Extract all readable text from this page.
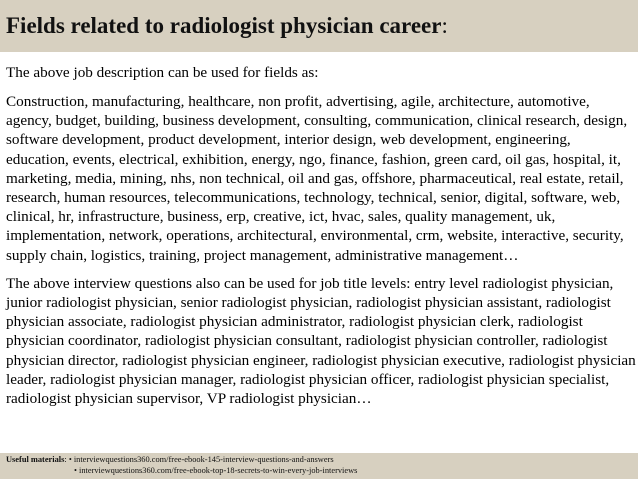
Fields related to radiologist physician career:

The above job description can be used for fields as:

Construction, manufacturing, healthcare, non profit, advertising, agile, architecture, automotive, agency, budget, building, business development, consulting, communication, clinical research, design, software development, product development, interior design, web development, engineering, education, events, electrical, exhibition, energy, ngo, finance, fashion, green card, oil gas, hospital, it, marketing, media, mining, nhs, non technical, oil and gas, offshore, pharmaceutical, real estate, retail, research, human resources, telecommunications, technology, technical, senior, digital, software, web, clinical, hr, infrastructure, business, erp, creative, ict, hvac, sales, quality management, uk, implementation, network, operations, architectural, environmental, crm, website, interactive, security, supply chain, logistics, training, project management, administrative management…

The above interview questions also can be used for job title levels: entry level radiologist physician, junior radiologist physician, senior radiologist physician, radiologist physician assistant, radiologist physician associate, radiologist physician administrator, radiologist physician clerk, radiologist physician coordinator, radiologist physician consultant, radiologist physician controller, radiologist physician director, radiologist physician engineer, radiologist physician executive, radiologist physician leader, radiologist physician manager, radiologist physician officer, radiologist physician specialist, radiologist physician supervisor, VP radiologist physician…

Useful materials: • interviewquestions360.com/free-ebook-145-interview-questions-and-answers
• interviewquestions360.com/free-ebook-top-18-secrets-to-win-every-job-interviews
